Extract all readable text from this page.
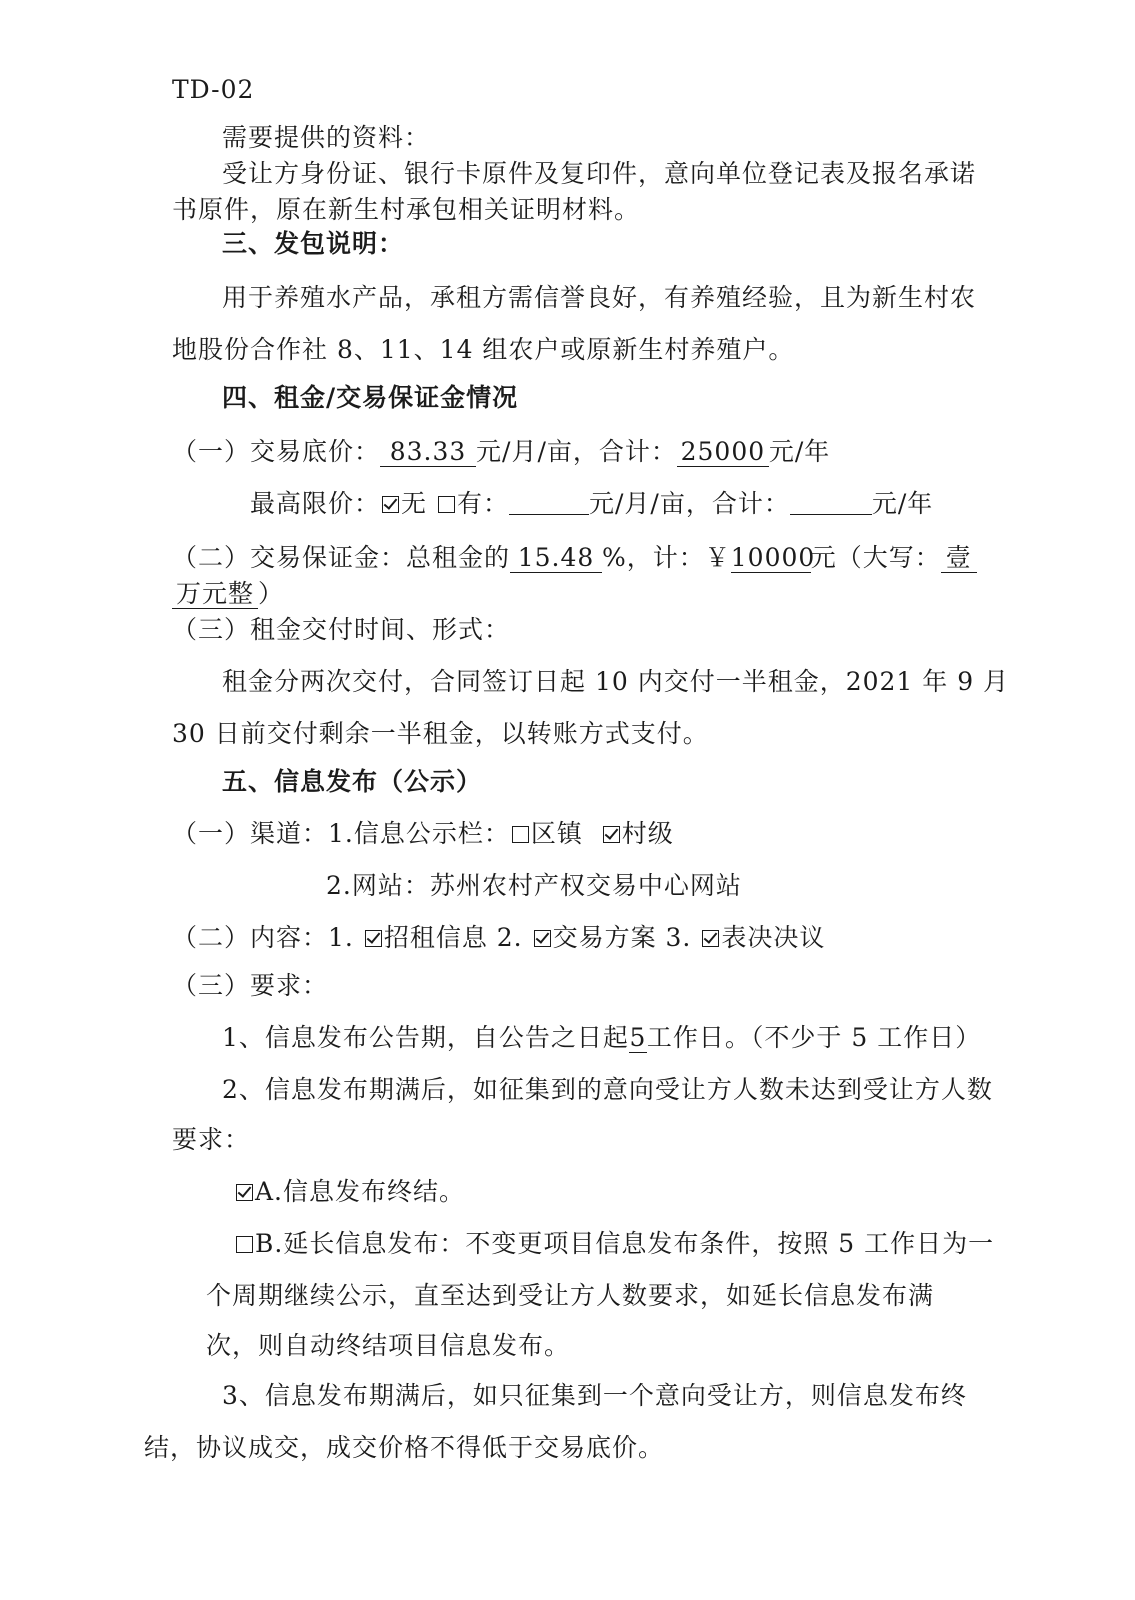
TD-02
需要提供的资料：
受让方身份证、银行卡原件及复印件，意向单位登记表及报名承诺
书原件，原在新生村承包相关证明材料。
三、发包说明：
用于养殖水产品，承租方需信誉良好，有养殖经验，且为新生村农
地股份合作社 8、11、14 组农户或原新生村养殖户。
四、租金/交易保证金情况
（一）交易底价： 83.33 元/月/亩，合计： 25000 元/年
最高限价： 无 有：	元/月/亩，合计：	元/年
（二）交易保证金：总租金的 15.48 %，计：￥10000元（大写： 壹
万元整 ）
（三）租金交付时间、形式：
租金分两次交付，合同签订日起 10 内交付一半租金，2021 年 9 月
30 日前交付剩余一半租金，以转账方式支付。
五、信息发布（公示）
（一）渠道：1.信息公示栏： 区镇 村级
2.网站：苏州农村产权交易中心网站
（二）内容：1. 招租信息 2. 交易方案 3. 表决决议
（三）要求：
1、信息发布公告期，自公告之日起5工作日。（不少于 5 工作日）
2、信息发布期满后，如征集到的意向受让方人数未达到受让方人数
要求：
A.信息发布终结。
B.延长信息发布：不变更项目信息发布条件，按照 5 工作日为一
个周期继续公示，直至达到受让方人数要求，如延长信息发布满
次，则自动终结项目信息发布。
3、信息发布期满后，如只征集到一个意向受让方，则信息发布终
结，协议成交，成交价格不得低于交易底价。
